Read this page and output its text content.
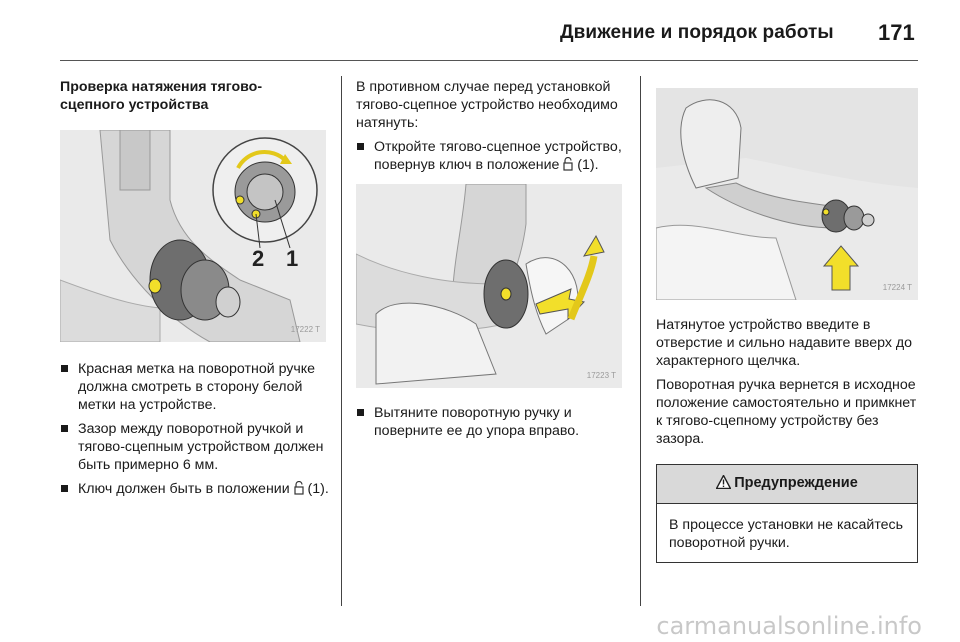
Движение и порядок работы 171
Проверка натяжения тягово-сцепного устройства
2 1
17222 T
Красная метка на поворотной ручке должна смотреть в сторону белой метки на устройстве.
Зазор между поворотной ручкой и тягово-сцепным устройством должен быть примерно 6 мм.
Ключ должен быть в положении (1).

В противном случае перед установкой тягово-сцепное устройство необходимо натянуть:

Откройте тягово-сцепное устройство, повернув ключ в положение (1).
17223 T
Вытяните поворотную ручку и поверните ее до упора вправо.
17224 T

Натянутое устройство введите в отверстие и сильно надавите вверх до характерного щелчка.

Поворотная ручка вернется в исходное положение самостоятельно и примкнет к тягово-сцепному устройству без зазора.

Предупреждение
В процессе установки не касайтесь поворотной ручки.
carmanualsonline.info
